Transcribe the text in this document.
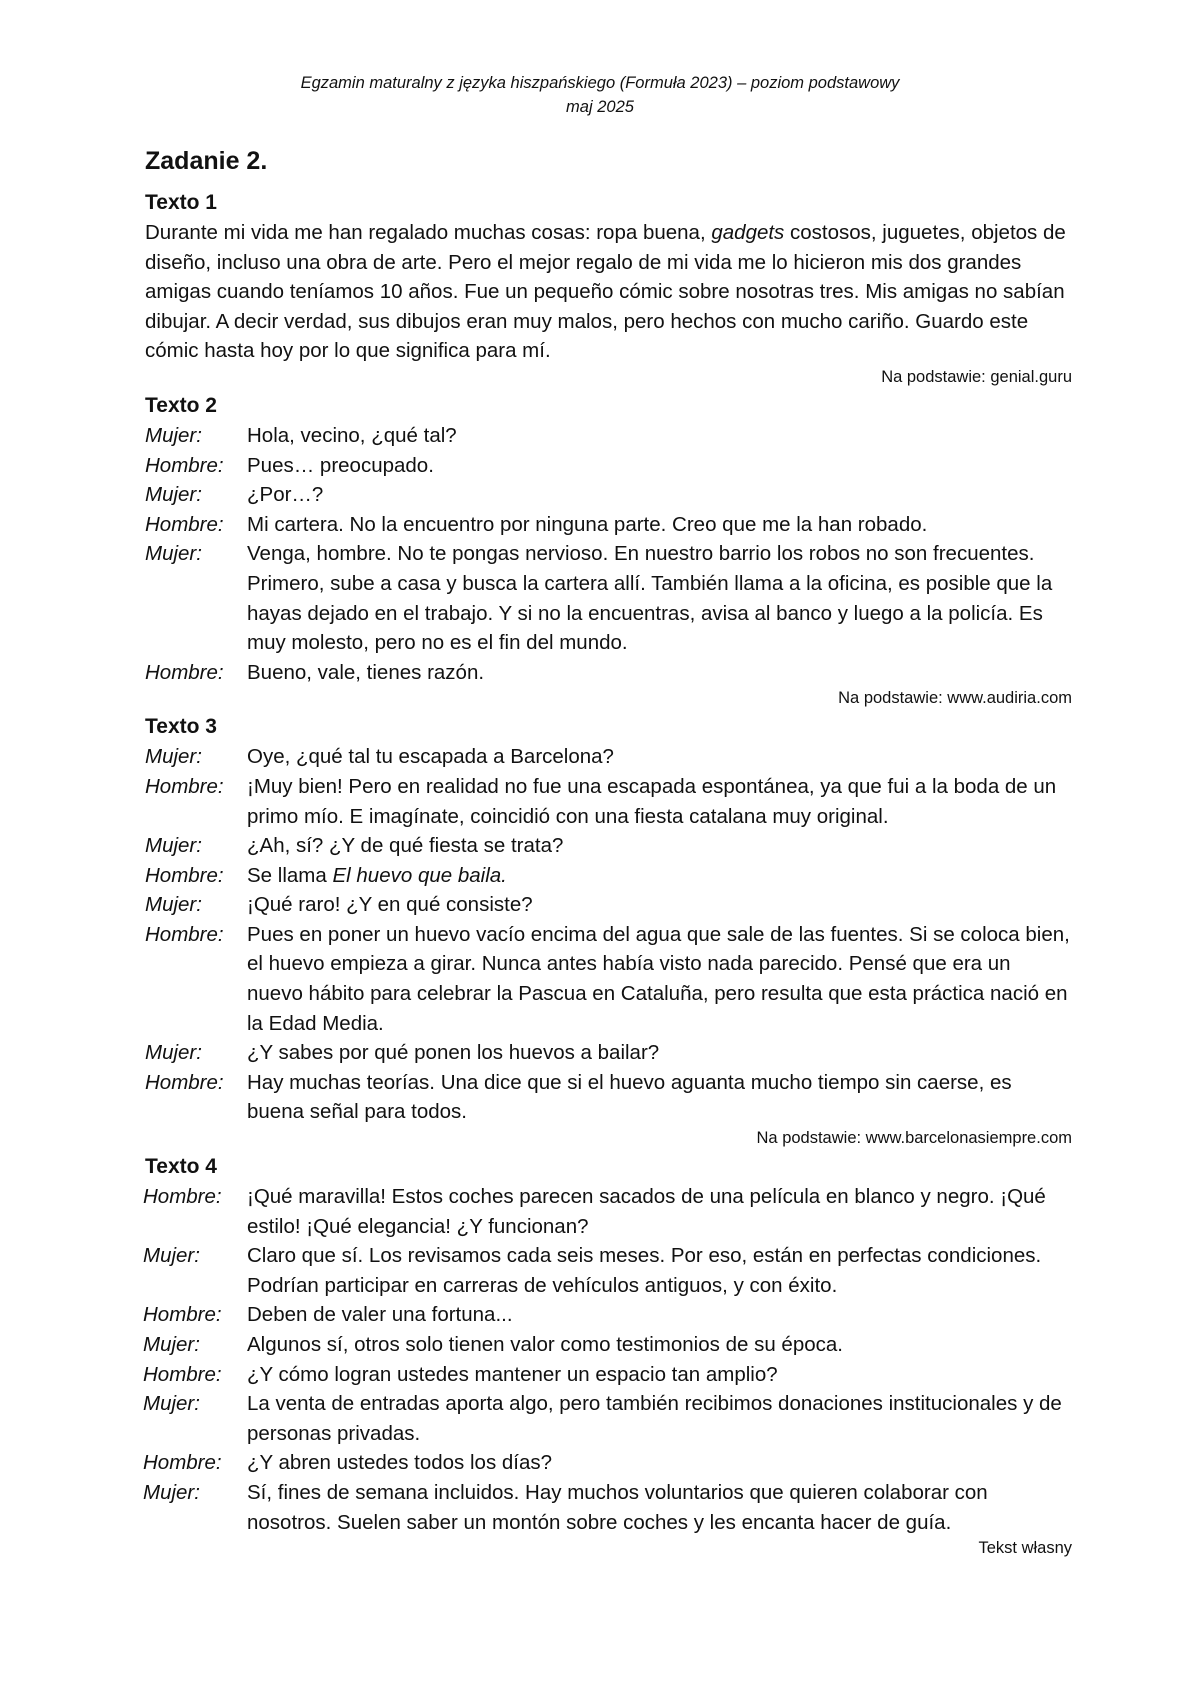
Egzamin maturalny z języka hiszpańskiego (Formuła 2023) – poziom podstawowy
maj 2025
Zadanie 2.
Texto 1

Durante mi vida me han regalado muchas cosas: ropa buena, gadgets costosos, juguetes, objetos de diseño, incluso una obra de arte. Pero el mejor regalo de mi vida me lo hicieron mis dos grandes amigas cuando teníamos 10 años. Fue un pequeño cómic sobre nosotras tres. Mis amigas no sabían dibujar. A decir verdad, sus dibujos eran muy malos, pero hechos con mucho cariño. Guardo este cómic hasta hoy por lo que significa para mí.

Na podstawie: genial.guru
Texto 2
Mujer:	Hola, vecino, ¿qué tal?
Hombre:	Pues… preocupado.
Mujer:	¿Por…?
Hombre:	Mi cartera. No la encuentro por ninguna parte. Creo que me la han robado.
Mujer:	Venga, hombre. No te pongas nervioso. En nuestro barrio los robos no son frecuentes. Primero, sube a casa y busca la cartera allí. También llama a la oficina, es posible que la hayas dejado en el trabajo. Y si no la encuentras, avisa al banco y luego a la policía. Es muy molesto, pero no es el fin del mundo.
Hombre:	Bueno, vale, tienes razón.
Na podstawie: www.audiria.com
Texto 3
Mujer:	Oye, ¿qué tal tu escapada a Barcelona?
Hombre:	¡Muy bien! Pero en realidad no fue una escapada espontánea, ya que fui a la boda de un primo mío. E imagínate, coincidió con una fiesta catalana muy original.
Mujer:	¿Ah, sí? ¿Y de qué fiesta se trata?
Hombre:	Se llama El huevo que baila.
Mujer:	¡Qué raro! ¿Y en qué consiste?
Hombre:	Pues en poner un huevo vacío encima del agua que sale de las fuentes. Si se coloca bien, el huevo empieza a girar. Nunca antes había visto nada parecido. Pensé que era un nuevo hábito para celebrar la Pascua en Cataluña, pero resulta que esta práctica nació en la Edad Media.
Mujer:	¿Y sabes por qué ponen los huevos a bailar?
Hombre:	Hay muchas teorías. Una dice que si el huevo aguanta mucho tiempo sin caerse, es buena señal para todos.
Na podstawie: www.barcelonasiempre.com
Texto 4
Hombre:	¡Qué maravilla! Estos coches parecen sacados de una película en blanco y negro. ¡Qué estilo! ¡Qué elegancia! ¿Y funcionan?
Mujer:	Claro que sí. Los revisamos cada seis meses. Por eso, están en perfectas condiciones. Podrían participar en carreras de vehículos antiguos, y con éxito.
Hombre:	Deben de valer una fortuna...
Mujer:	Algunos sí, otros solo tienen valor como testimonios de su época.
Hombre:	¿Y cómo logran ustedes mantener un espacio tan amplio?
Mujer:	La venta de entradas aporta algo, pero también recibimos donaciones institucionales y de personas privadas.
Hombre:	¿Y abren ustedes todos los días?
Mujer:	Sí, fines de semana incluidos. Hay muchos voluntarios que quieren colaborar con nosotros. Suelen saber un montón sobre coches y les encanta hacer de guía.
Tekst własny
